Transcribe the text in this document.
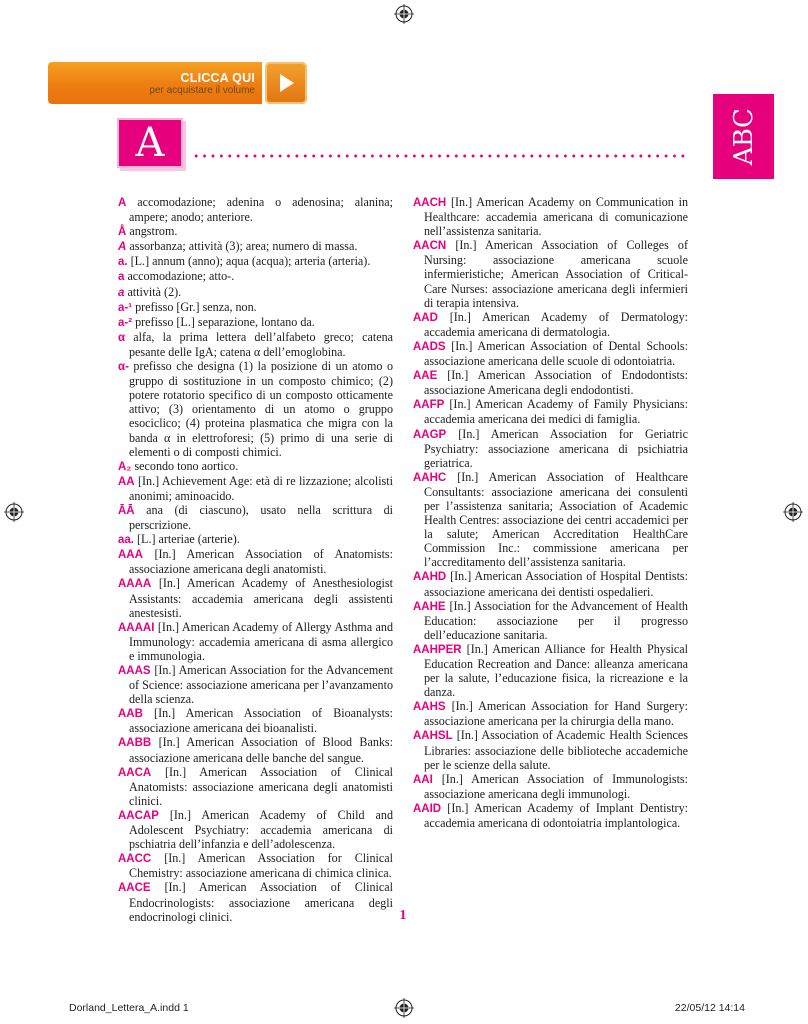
CLICCA QUI
per acquistare il volume
A	ABC
A accomodazione; adenina o adenosina; alanina; ampere; anodo; anteriore.
Å angstrom.
A assorbanza; attività (3); area; numero di massa.
a. [L.] annum (anno); aqua (acqua); arteria (arteria).
a accomodazione; atto-.
a attività (2).
a-¹ prefisso [Gr.] senza, non.
a-² prefisso [L.] separazione, lontano da.
α alfa, la prima lettera dell’alfabeto greco; catena pesante delle IgA; catena α dell’emoglobina.
α- prefisso che designa (1) la posizione di un atomo o gruppo di sostituzione in un composto chimico; (2) potere rotatorio specifico di un composto otticamente attivo; (3) orientamento di un atomo o gruppo esociclico; (4) proteina plasmatica che migra con la banda α in elettroforesi; (5) primo di una serie di elementi o di composti chimici.
A₂ secondo tono aortico.
AA [In.] Achievement Age: età di re lizzazione; alcolisti anonimi; aminoacido.
ĀĀ ana (di ciascuno), usato nella scrittura di perscrizione.
aa. [L.] arteriae (arterie).
AAA [In.] American Association of Anatomists: associazione americana degli anatomisti.
AAAA [In.] American Academy of Anesthesiologist Assistants: accademia americana degli assistenti anestesisti.
AAAAI [In.] American Academy of Allergy Asthma and Immunology: accademia americana di asma allergico e immunologia.
AAAS [In.] American Association for the Advancement of Science: associazione americana per l’avanzamento della scienza.
AAB [In.] American Association of Bioanalysts: associazione americana dei bioanalisti.
AABB [In.] American Association of Blood Banks: associazione americana delle banche del sangue.
AACA [In.] American Association of Clinical Anatomists: associazione americana degli anatomisti clinici.
AACAP [In.] American Academy of Child and Adolescent Psychiatry: accademia americana di pschiatria dell’infanzia e dell’adolescenza.
AACC [In.] American Association for Clinical Chemistry: associazione americana di chimica clinica.
AACE [In.] American Association of Clinical Endocrinologists: associazione americana degli endocrinologi clinici.
AACH [In.] American Academy on Communication in Healthcare: accademia americana di comunicazione nell’assistenza sanitaria.
AACN [In.] American Association of Colleges of Nursing: associazione americana scuole infermieristiche; American Association of Critical-Care Nurses: associazione americana degli infermieri di terapia intensiva.
AAD [In.] American Academy of Dermatology: accademia americana di dermatologia.
AADS [In.] American Association of Dental Schools: associazione americana delle scuole di odontoiatria.
AAE [In.] American Association of Endodontists: associazione Americana degli endodontisti.
AAFP [In.] American Academy of Family Physicians: accademia americana dei medici di famiglia.
AAGP [In.] American Association for Geriatric Psychiatry: associazione americana di psichiatria geriatrica.
AAHC [In.] American Association of Healthcare Consultants: associazione americana dei consulenti per l’assistenza sanitaria; Association of Academic Health Centres: associazione dei centri accademici per la salute; American Accreditation HealthCare Commission Inc.: commissione americana per l’accreditamento dell’assistenza sanitaria.
AAHD [In.] American Association of Hospital Dentists: associazione americana dei dentisti ospedalieri.
AAHE [In.] Association for the Advancement of Health Education: associazione per il progresso dell’educazione sanitaria.
AAHPER [In.] American Alliance for Health Physical Education Recreation and Dance: alleanza americana per la salute, l’educazione fisica, la ricreazione e la danza.
AAHS [In.] American Association for Hand Surgery: associazione americana per la chirurgia della mano.
AAHSL [In.] Association of Academic Health Sciences Libraries: associazione delle biblioteche accademiche per le scienze della salute.
AAI [In.] American Association of Immunologists: associazione americana degli immunologi.
AAID [In.] American Academy of Implant Dentistry: accademia americana di odontoiatria implantologica.
1
Dorland_Lettera_A.indd 1	22/05/12 14:14
